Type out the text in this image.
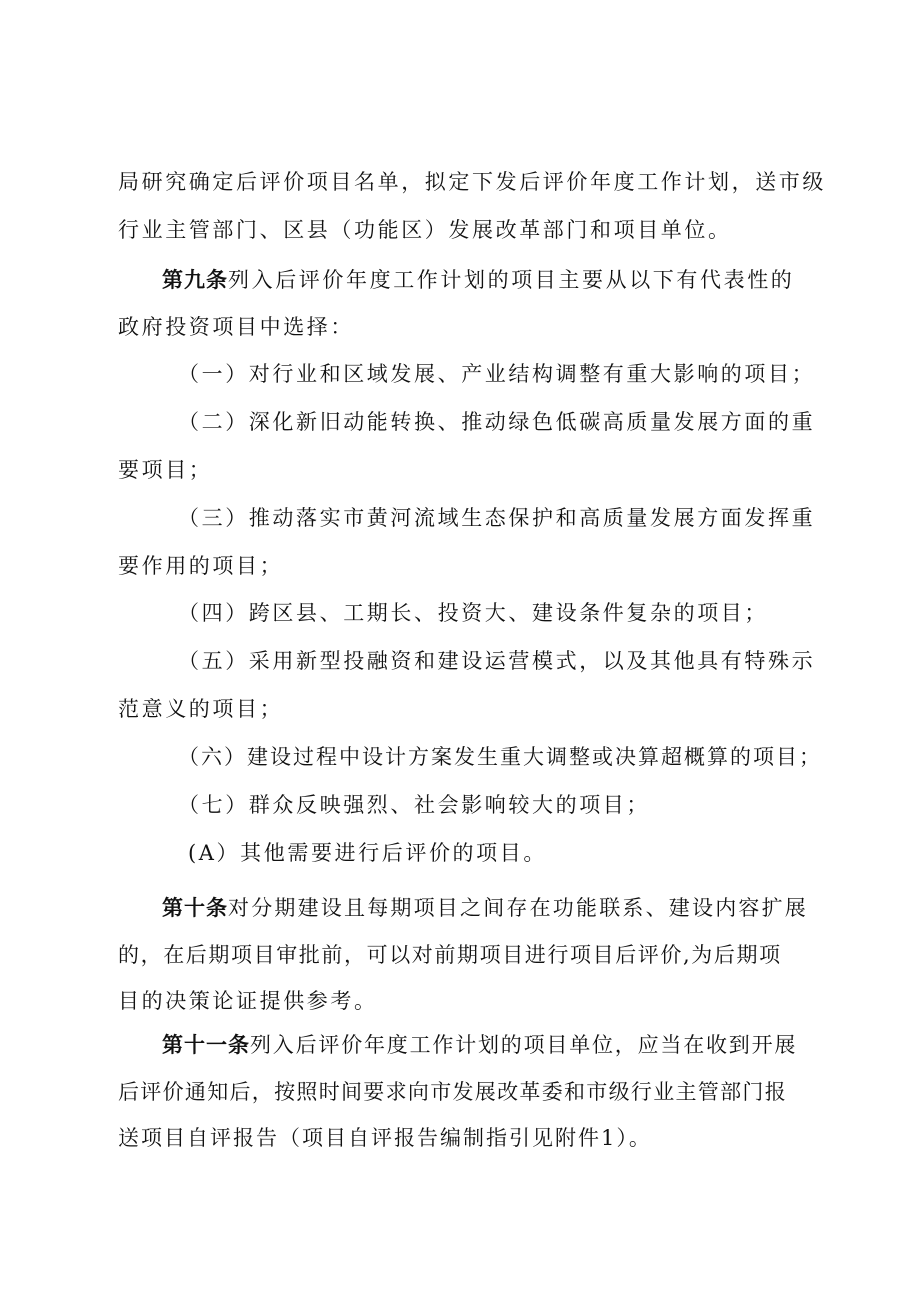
局研究确定后评价项目名单，拟定下发后评价年度工作计划，送市级
行业主管部门、区县（功能区）发展改革部门和项目单位。
第九条列入后评价年度工作计划的项目主要从以下有代表性的
政府投资项目中选择：
（一）对行业和区域发展、产业结构调整有重大影响的项目；
（二）深化新旧动能转换、推动绿色低碳高质量发展方面的重
要项目；
（三）推动落实市黄河流域生态保护和高质量发展方面发挥重
要作用的项目；
（四）跨区县、工期长、投资大、建设条件复杂的项目；
（五）采用新型投融资和建设运营模式，以及其他具有特殊示
范意义的项目；
（六）建设过程中设计方案发生重大调整或决算超概算的项目；
（七）群众反映强烈、社会影响较大的项目；
(A）其他需要进行后评价的项目。
第十条对分期建设且每期项目之间存在功能联系、建设内容扩展
的，在后期项目审批前，可以对前期项目进行项目后评价,为后期项
目的决策论证提供参考。
第十一条列入后评价年度工作计划的项目单位，应当在收到开展
后评价通知后，按照时间要求向市发展改革委和市级行业主管部门报
送项目自评报告（项目自评报告编制指引见附件1）。
